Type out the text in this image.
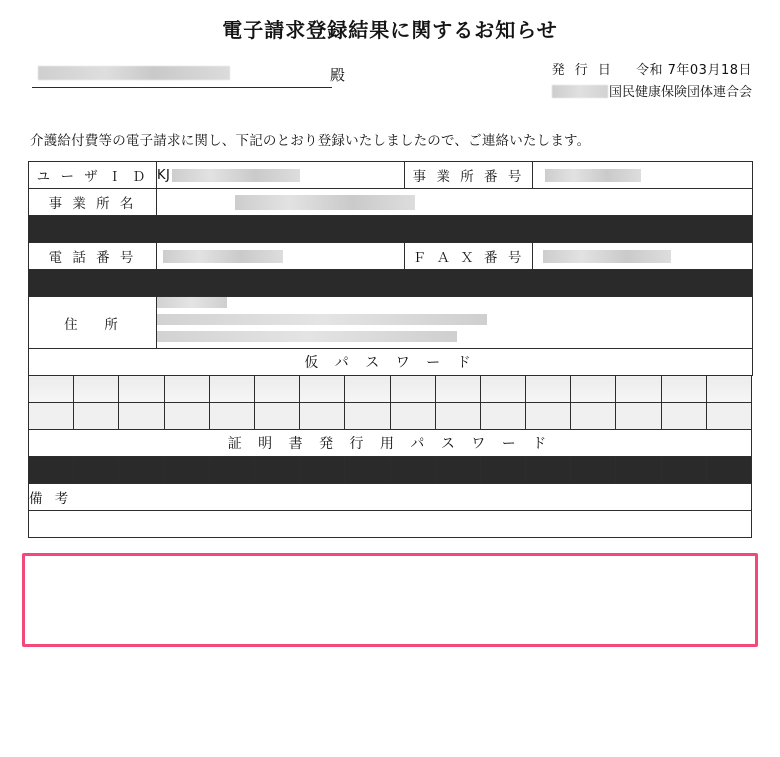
電子請求登録結果に関するお知らせ
殿	発 行 日 令和 7年03月18日
国民健康保険団体連合会
介護給付費等の電子請求に関し、下記のとおり登録いたしましたので、ご連絡いたします。
ユ ー ザ Ｉ Ｄ	KJ	事 業 所 番 号	
事 業 所 名			

電 話 番 号		Ｆ Ａ Ｘ 番 号	

住　 所			

仮 パ ス ワ ー ド			

証 明 書 発 行 用 パ ス ワ ー ド

備 考
